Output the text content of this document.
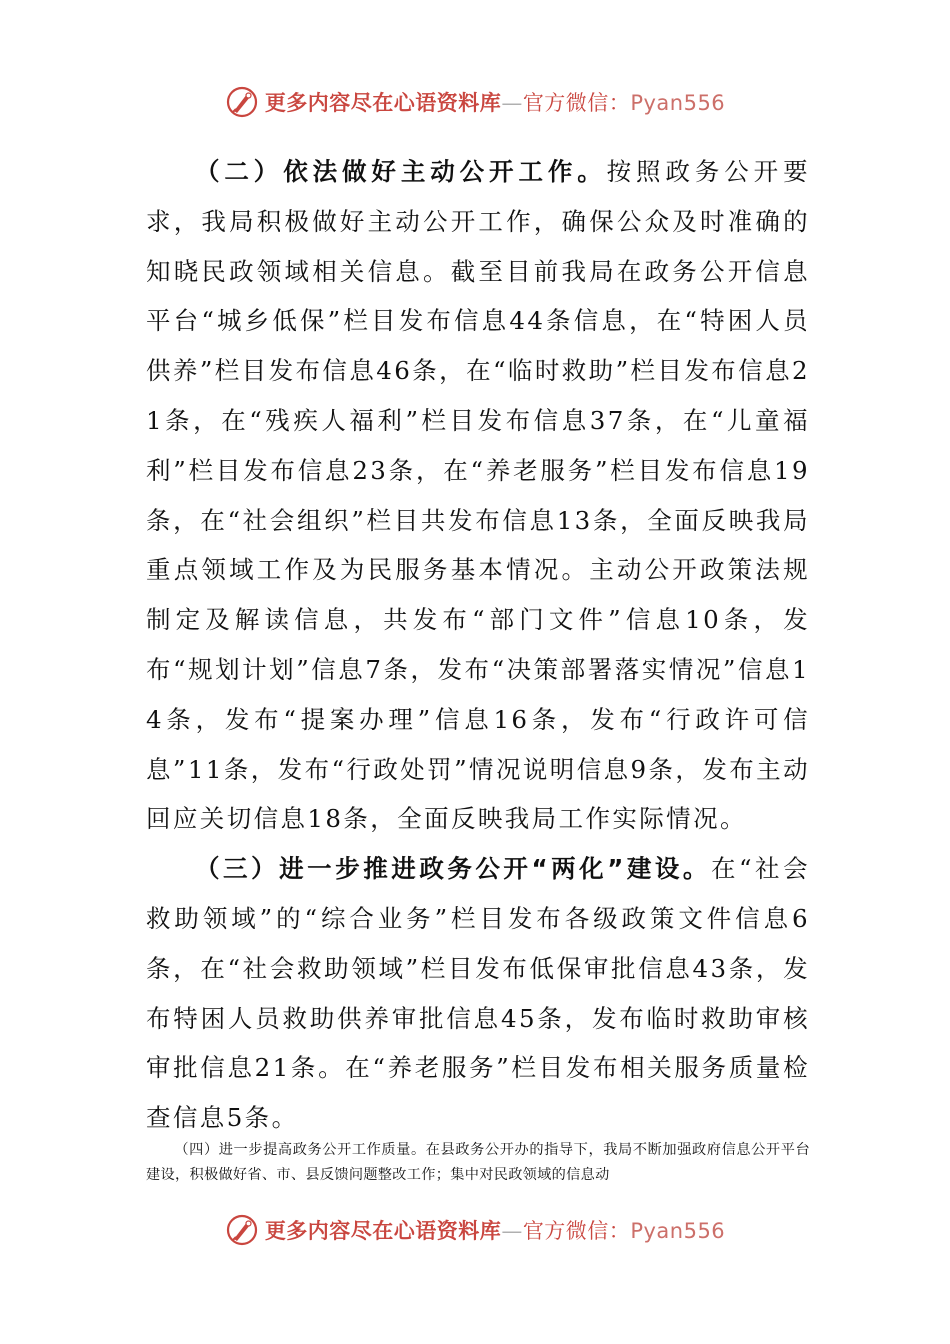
更多内容尽在心语资料库—官方微信：Pyan556

（二）依法做好主动公开工作。按照政务公开要求，我局积极做好主动公开工作，确保公众及时准确的知晓民政领域相关信息。截至目前我局在政务公开信息平台“城乡低保”栏目发布信息44条信息，在“特困人员供养”栏目发布信息46条，在“临时救助”栏目发布信息21条，在“残疾人福利”栏目发布信息37条，在“儿童福利”栏目发布信息23条，在“养老服务”栏目发布信息19条，在“社会组织”栏目共发布信息13条，全面反映我局重点领域工作及为民服务基本情况。主动公开政策法规制定及解读信息，共发布“部门文件”信息10条，发布“规划计划”信息7条，发布“决策部署落实情况”信息14条，发布“提案办理”信息16条，发布“行政许可信息”11条，发布“行政处罚”情况说明信息9条，发布主动回应关切信息18条，全面反映我局工作实际情况。

（三）进一步推进政务公开“两化”建设。在“社会救助领域”的“综合业务”栏目发布各级政策文件信息6条，在“社会救助领域”栏目发布低保审批信息43条，发布特困人员救助供养审批信息45条，发布临时救助审核审批信息21条。在“养老服务”栏目发布相关服务质量检查信息5条。

（四）进一步提高政务公开工作质量。在县政务公开办的指导下，我局不断加强政府信息公开平台建设，积极做好省、市、县反馈问题整改工作；集中对民政领域的信息动

更多内容尽在心语资料库—官方微信：Pyan556
